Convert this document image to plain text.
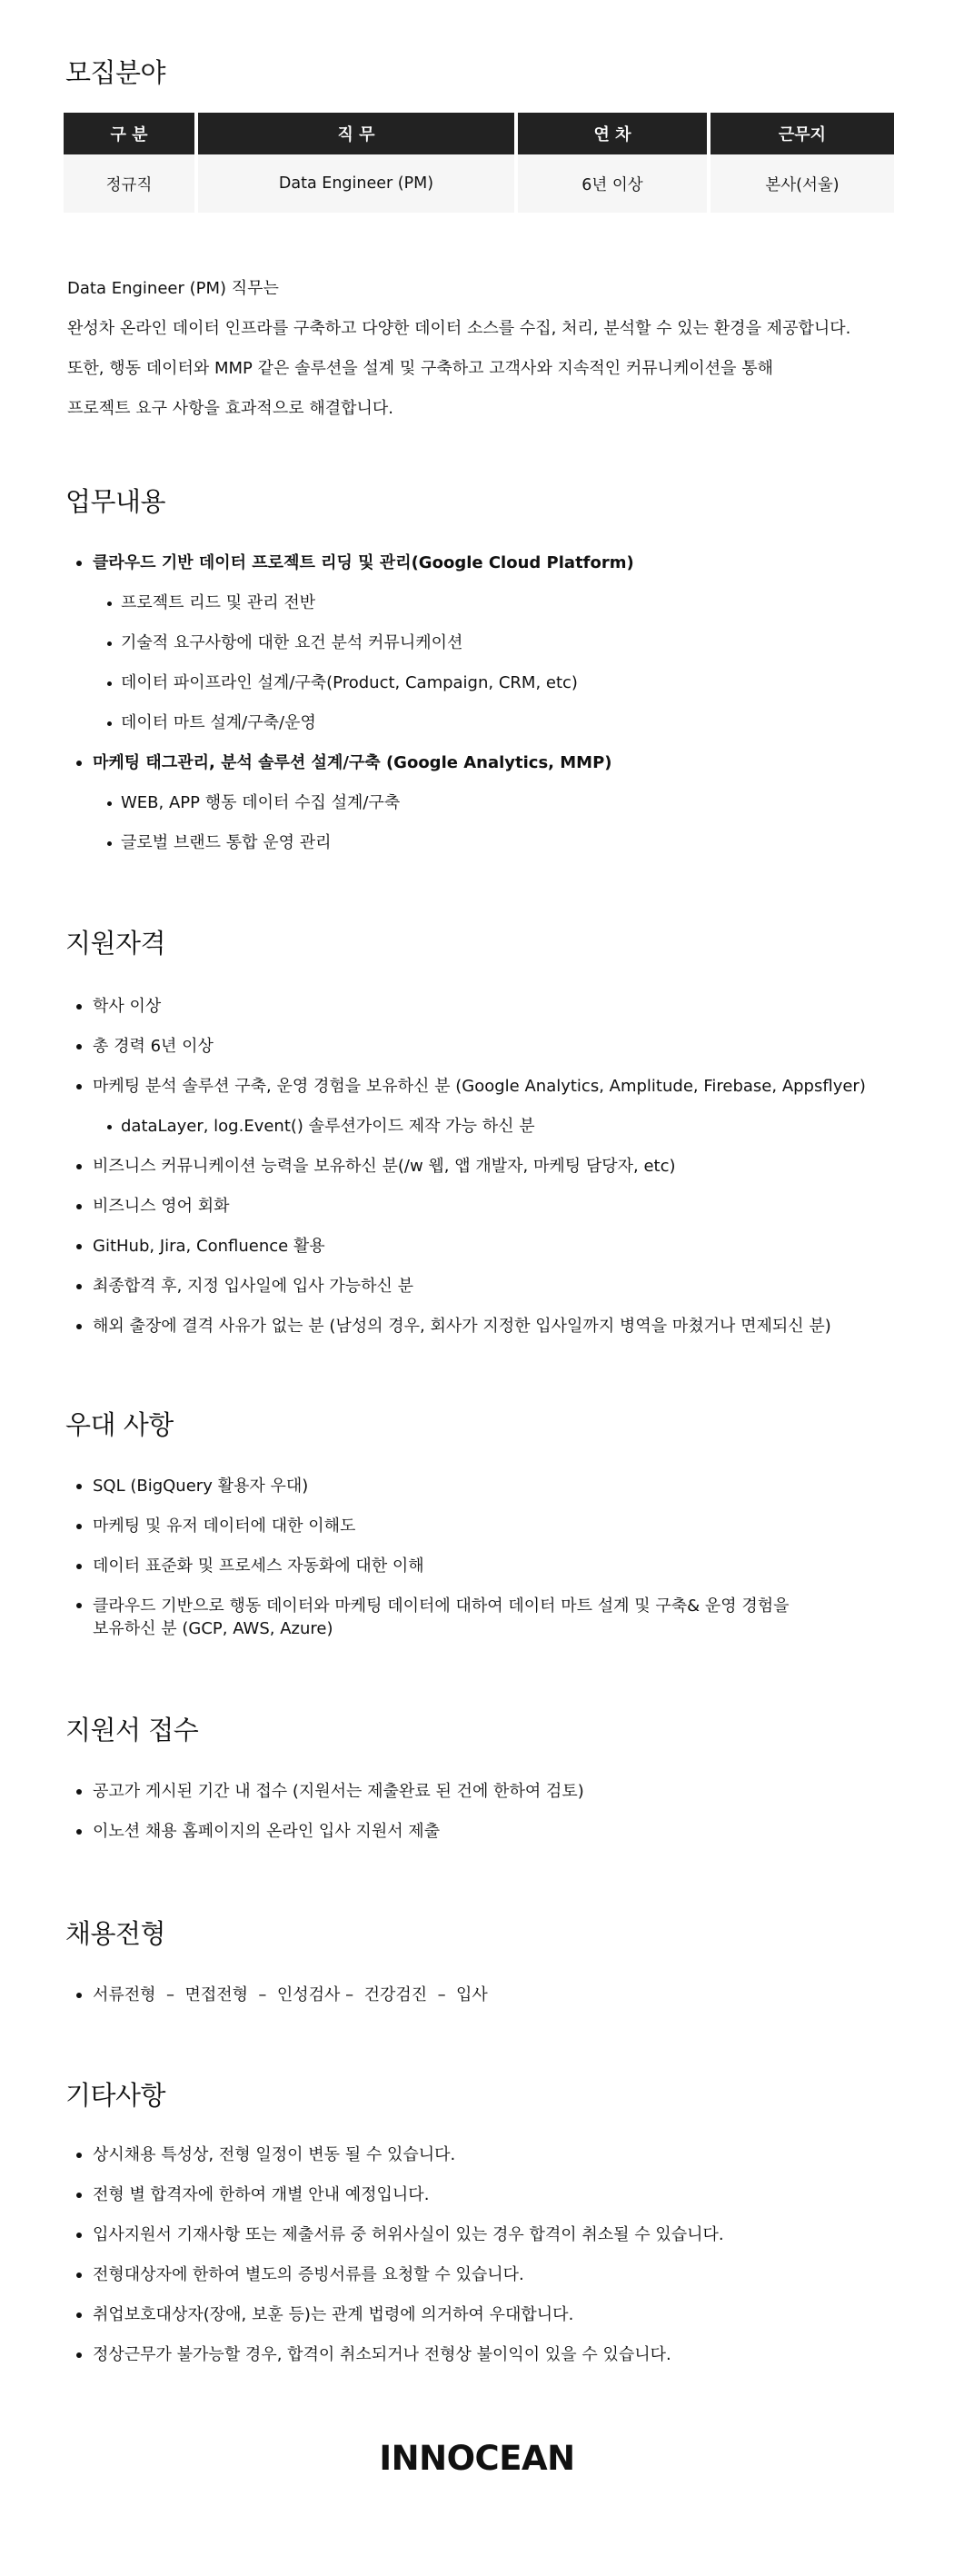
모집분야
구 분	직 무	연 차	근무지
정규직	Data Engineer (PM)	6년 이상	본사(서울)

Data Engineer (PM) 직무는

완성차 온라인 데이터 인프라를 구축하고 다양한 데이터 소스를 수집, 처리, 분석할 수 있는 환경을 제공합니다.

또한, 행동 데이터와 MMP 같은 솔루션을 설계 및 구축하고 고객사와 지속적인 커뮤니케이션을 통해

프로젝트 요구 사항을 효과적으로 해결합니다.

업무내용
클라우드 기반 데이터 프로젝트 리딩 및 관리(Google Cloud Platform)
프로젝트 리드 및 관리 전반
기술적 요구사항에 대한 요건 분석 커뮤니케이션
데이터 파이프라인 설계/구축(Product, Campaign, CRM, etc)
데이터 마트 설계/구축/운영
마케팅 태그관리, 분석 솔루션 설계/구축 (Google Analytics, MMP)
WEB, APP 행동 데이터 수집 설계/구축
글로벌 브랜드 통합 운영 관리
지원자격
학사 이상
총 경력 6년 이상
마케팅 분석 솔루션 구축, 운영 경험을 보유하신 분 (Google Analytics, Amplitude, Firebase, Appsflyer)
dataLayer, log.Event() 솔루션가이드 제작 가능 하신 분
비즈니스 커뮤니케이션 능력을 보유하신 분(/w 웹, 앱 개발자, 마케팅 담당자, etc)
비즈니스 영어 회화
GitHub, Jira, Confluence 활용
최종합격 후, 지정 입사일에 입사 가능하신 분
해외 출장에 결격 사유가 없는 분 (남성의 경우, 회사가 지정한 입사일까지 병역을 마쳤거나 면제되신 분)
우대 사항
SQL (BigQuery 활용자 우대)
마케팅 및 유저 데이터에 대한 이해도
데이터 표준화 및 프로세스 자동화에 대한 이해
클라우드 기반으로 행동 데이터와 마케팅 데이터에 대하여 데이터 마트 설계 및 구축& 운영 경험을
보유하신 분 (GCP, AWS, Azure)
지원서 접수
공고가 게시된 기간 내 접수 (지원서는 제출완료 된 건에 한하여 검토)
이노션 채용 홈페이지의 온라인 입사 지원서 제출
채용전형
서류전형  –  면접전형  –  인성검사 –  건강검진  –  입사
기타사항
상시채용 특성상, 전형 일정이 변동 될 수 있습니다.
전형 별 합격자에 한하여 개별 안내 예정입니다.
입사지원서 기재사항 또는 제출서류 중 허위사실이 있는 경우 합격이 취소될 수 있습니다.
전형대상자에 한하여 별도의 증빙서류를 요청할 수 있습니다.
취업보호대상자(장애, 보훈 등)는 관계 법령에 의거하여 우대합니다.
정상근무가 불가능할 경우, 합격이 취소되거나 전형상 불이익이 있을 수 있습니다.
INNOCEAN
